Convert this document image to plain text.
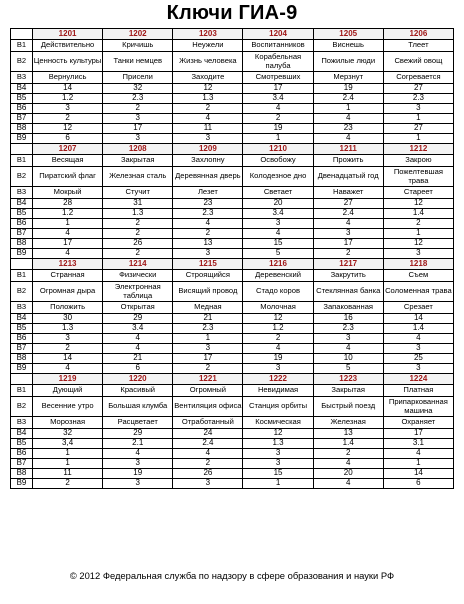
Ключи ГИА-9
	1201	1202	1203	1204	1205	1206
B1	Действительно	Кричишь	Неужели	Воспитанников	Виснешь	Тлеет
B2	Ценность культуры	Танки немцев	Жизнь человека	Корабельная палуба	Пожилые люди	Свежий овощ
B3	Вернулись	Присели	Заходите	Смотревших	Мерзнут	Согревается
B4	14	32	12	17	19	27
B5	1.2	2.3	1.3	3.4	2.4	2.3
B6	3	2	2	4	1	3
B7	2	3	4	2	4	1
B8	12	17	11	19	23	27
B9	6	3	3	1	4	1
	1207	1208	1209	1210	1211	1212
B1	Весящая	Закрытая	Захлопну	Освобожу	Прожить	Закрою
B2	Пиратский флаг	Железная сталь	Деревянная дверь	Колодезное дно	Двенадцатый год	Пожелтевшая трава
B3	Мокрый	Стучит	Лезет	Светает	Наважет	Стареет
B4	28	31	23	20	27	12
B5	1.2	1.3	2.3	3.4	2.4	1.4
B6	1	2	4	3	4	2
B7	4	2	2	4	3	1
B8	17	26	13	15	17	12
B9	4	2	3	5	2	3
	1213	1214	1215	1216	1217	1218
B1	Странная	Физически	Строящийся	Деревенский	Закрутить	Съем
B2	Огромная дыра	Электронная таблица	Висящий провод	Стадо коров	Стеклянная банка	Соломенная трава
B3	Положить	Открытая	Медная	Молочная	Запакованная	Срезает
B4	30	29	21	12	16	14
B5	1.3	3.4	2.3	1.2	2.3	1.4
B6	3	4	1	2	3	4
B7	2	4	3	4	4	3
B8	14	21	17	19	10	25
B9	4	6	2	3	5	3
	1219	1220	1221	1222	1223	1224
B1	Дующий	Красивый	Огромный	Невидимая	Закрытая	Платная
B2	Весенние утро	Большая клумба	Вентиляция офиса	Станция орбиты	Быстрый поезд	Припаркованная машина
B3	Морозная	Расцветает	Отработанный	Космическая	Железная	Охраняет
B4	32	29	24	12	13	17
B5	3,4	2.1	2.4	1.3	1.4	3.1
B6	1	4	4	3	2	4
B7	1	3	2	3	4	1
B8	11	19	26	15	20	14
B9	2	3	3	1	4	6
© 2012 Федеральная служба по надзору в сфере образования и науки РФ
